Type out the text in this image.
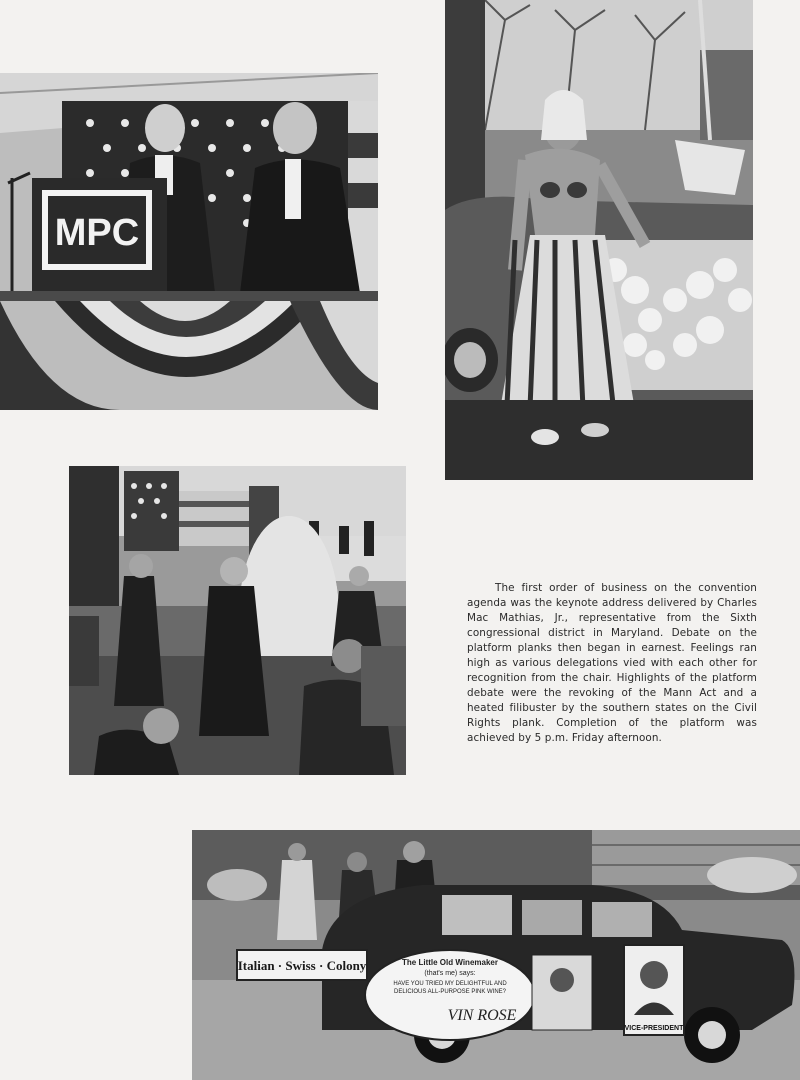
MPC

The first order of business on the convention agenda was the keynote address delivered by Charles Mac Mathias, Jr., representative from the Sixth congressional district in Maryland. Debate on the platform planks then began in earnest. Feelings ran high as various delegations vied with each other for recognition from the chair. Highlights of the platform debate were the revoking of the Mann Act and a heated filibuster by the southern states on the Civil Rights plank. Completion of the platform was achieved by 5 p.m. Friday afternoon.

Italian · Swiss · Colony	The Little Old Winemaker
(that's me) says:
HAVE YOU TRIED MY DELIGHTFUL AND
DELICIOUS ALL-PURPOSE PINK WINE?
VIN ROSE
VICE-PRESIDENT
